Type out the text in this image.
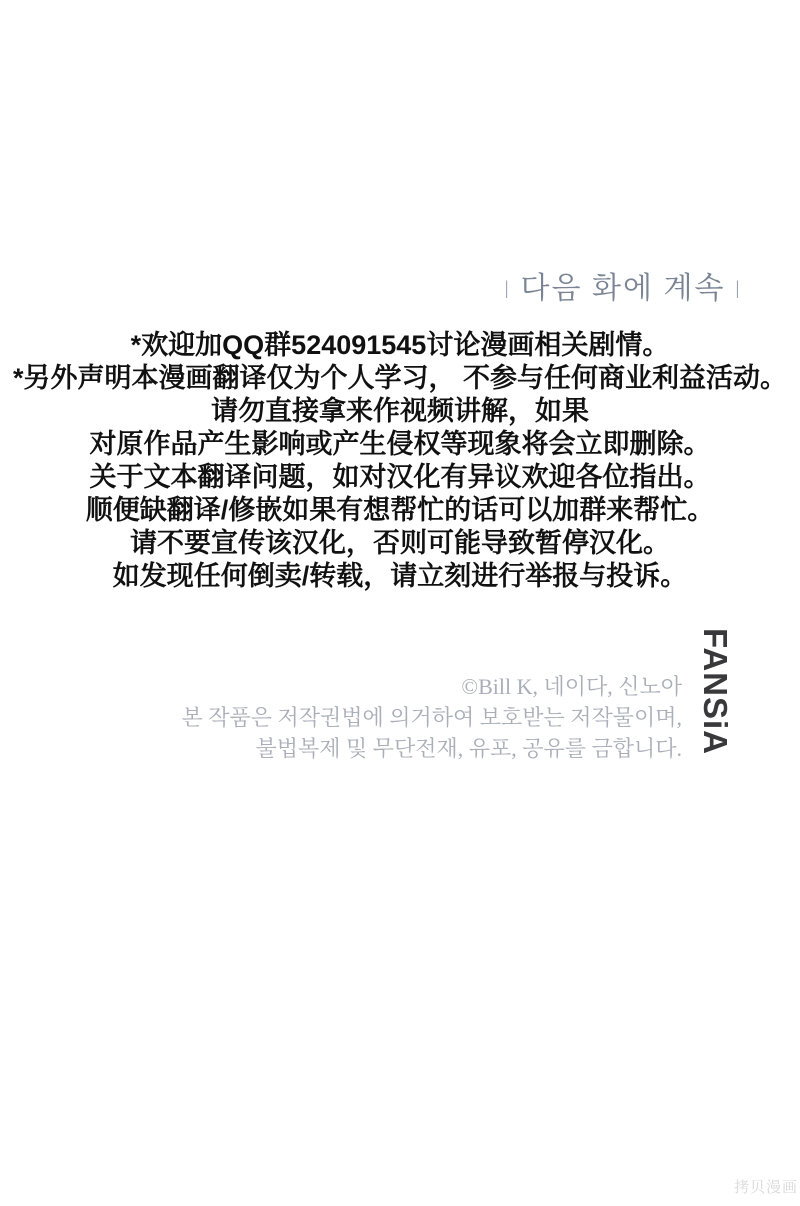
| 다음 화에 계속 |
*欢迎加QQ群524091545讨论漫画相关剧情。
*另外声明本漫画翻译仅为个人学习， 不参与任何商业利益活动。
请勿直接拿来作视频讲解，如果
对原作品产生影响或产生侵权等现象将会立即删除。
关于文本翻译问题，如对汉化有异议欢迎各位指出。
顺便缺翻译/修嵌如果有想帮忙的话可以加群来帮忙。
请不要宣传该汉化，否则可能导致暂停汉化。
如发现任何倒卖/转载，请立刻进行举报与投诉。
©Bill K, 네이다, 신노아
본 작품은 저작권법에 의거하여 보호받는 저작물이며,
불법복제 및 무단전재, 유포, 공유를 금합니다. FANSiA
拷贝漫画
